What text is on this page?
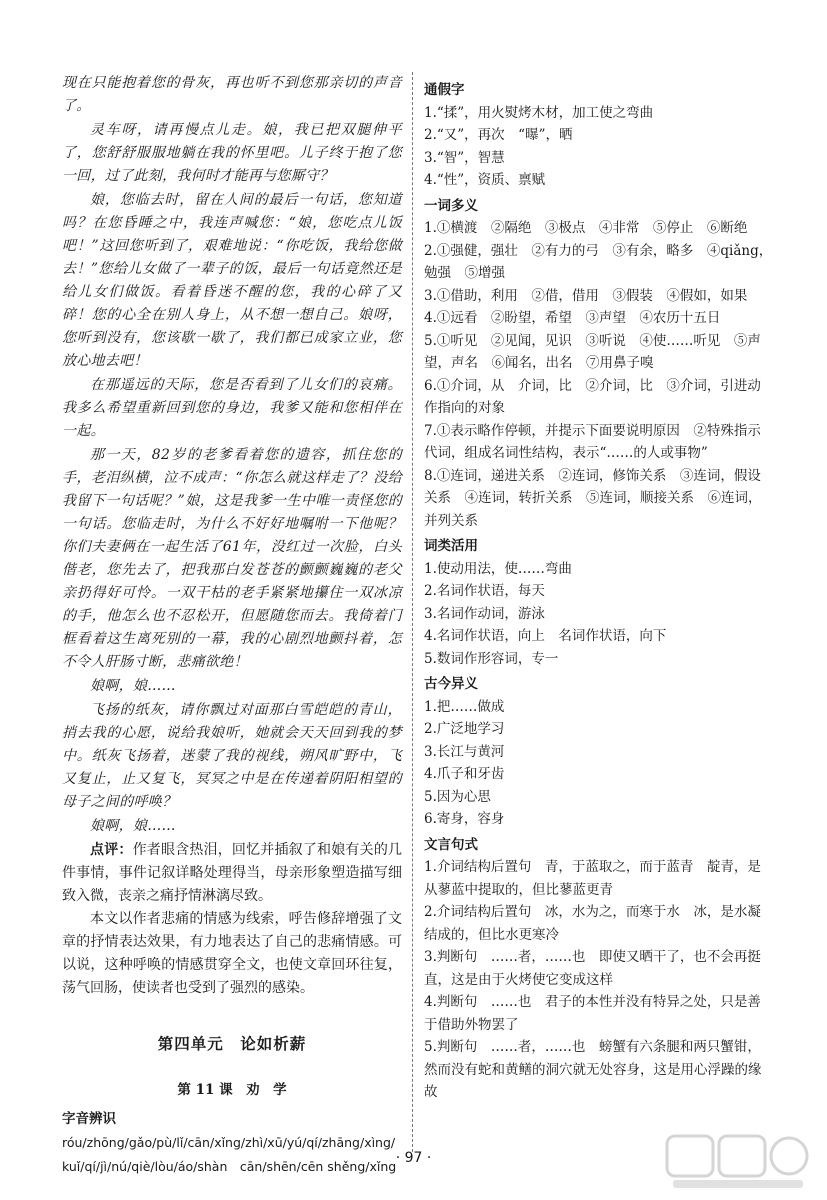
现在只能抱着您的骨灰，再也听不到您那亲切的声音了。

灵车呀，请再慢点儿走。娘，我已把双腿伸平了，您舒舒服服地躺在我的怀里吧。儿子终于抱了您一回，过了此刻，我何时才能再与您厮守？

娘，您临去时，留在人间的最后一句话，您知道吗？在您昏睡之中，我连声喊您：“娘，您吃点儿饭吧！”这回您听到了，艰难地说：“你吃饭，我给您做去！”您给儿女做了一辈子的饭，最后一句话竟然还是给儿女们做饭。看着昏迷不醒的您，我的心碎了又碎！您的心全在别人身上，从不想一想自己。娘呀，您听到没有，您该歇一歇了，我们都已成家立业，您放心地去吧！

在那遥远的天际，您是否看到了儿女们的哀痛。我多么希望重新回到您的身边，我爹又能和您相伴在一起。

那一天，82岁的老爹看着您的遗容，抓住您的手，老泪纵横，泣不成声：“你怎么就这样走了？没给我留下一句话呢？”娘，这是我爹一生中唯一责怪您的一句话。您临走时，为什么不好好地嘱咐一下他呢？你们夫妻俩在一起生活了61年，没红过一次脸，白头偕老，您先去了，把我那白发苍苍的颤颤巍巍的老父亲扔得好可怜。一双干枯的老手紧紧地攥住一双冰凉的手，他怎么也不忍松开，但愿随您而去。我倚着门框看着这生离死别的一幕，我的心剧烈地颤抖着，怎不令人肝肠寸断，悲痛欲绝！

娘啊，娘……

飞扬的纸灰，请你飘过对面那白雪皑皑的青山，捎去我的心愿，说给我娘听，她就会天天回到我的梦中。纸灰飞扬着，迷蒙了我的视线，朔风旷野中，飞又复止，止又复飞，冥冥之中是在传递着阴阳相望的母子之间的呼唤？

娘啊，娘……

点评：作者眼含热泪，回忆并插叙了和娘有关的几件事情，事件记叙详略处理得当，母亲形象塑造描写细致入微，丧亲之痛抒情淋漓尽致。

本文以作者悲痛的情感为线索，呼告修辞增强了文章的抒情表达效果，有力地表达了自己的悲痛情感。可以说，这种呼唤的情感贯穿全文，也使文章回环往复，荡气回肠，使读者也受到了强烈的感染。

第四单元　论如析薪
第 11 课　劝　学
字音辨识
róu/zhōng/gǎo/pù/lǐ/cān/xǐng/zhì/xū/yú/qí/zhāng/xìng/kuǐ/qí/jì/nú/qiè/lòu/áo/shàn　cān/shēn/cēn shěng/xǐng
通假字
1.“揉”，用火熨烤木材，加工使之弯曲
2.“又”，再次　“曝”，晒
3.“智”，智慧
4.“性”，资质、禀赋
一词多义
1.①横渡　②隔绝　③极点　④非常　⑤停止　⑥断绝
2.①强健，强壮　②有力的弓　③有余，略多　④qiǎng，勉强　⑤增强
3.①借助，利用　②借，借用　③假装　④假如，如果
4.①远看　②盼望，希望　③声望　④农历十五日
5.①听见　②见闻，见识　③听说　④使……听见　⑤声望，声名　⑥闻名，出名　⑦用鼻子嗅
6.①介词，从　介词，比　②介词，比　③介词，引进动作指向的对象
7.①表示略作停顿，并提示下面要说明原因　②特殊指示代词，组成名词性结构，表示“……的人或事物”
8.①连词，递进关系　②连词，修饰关系　③连词，假设关系　④连词，转折关系　⑤连词，顺接关系　⑥连词，并列关系
词类活用
1.使动用法，使……弯曲
2.名词作状语，每天
3.名词作动词，游泳
4.名词作状语，向上　名词作状语，向下
5.数词作形容词，专一
古今异义
1.把……做成
2.广泛地学习
3.长江与黄河
4.爪子和牙齿
5.因为心思
6.寄身，容身
文言句式
1.介词结构后置句　青，于蓝取之，而于蓝青　靛青，是从蓼蓝中提取的，但比蓼蓝更青
2.介词结构后置句　冰，水为之，而寒于水　冰，是水凝结成的，但比水更寒冷
3.判断句　……者，……也　即使又晒干了，也不会再挺直，这是由于火烤使它变成这样
4.判断句　……也　君子的本性并没有特异之处，只是善于借助外物罢了
5.判断句　……者，……也　螃蟹有六条腿和两只蟹钳，然而没有蛇和黄鳝的洞穴就无处容身，这是用心浮躁的缘故
· 97 ·
